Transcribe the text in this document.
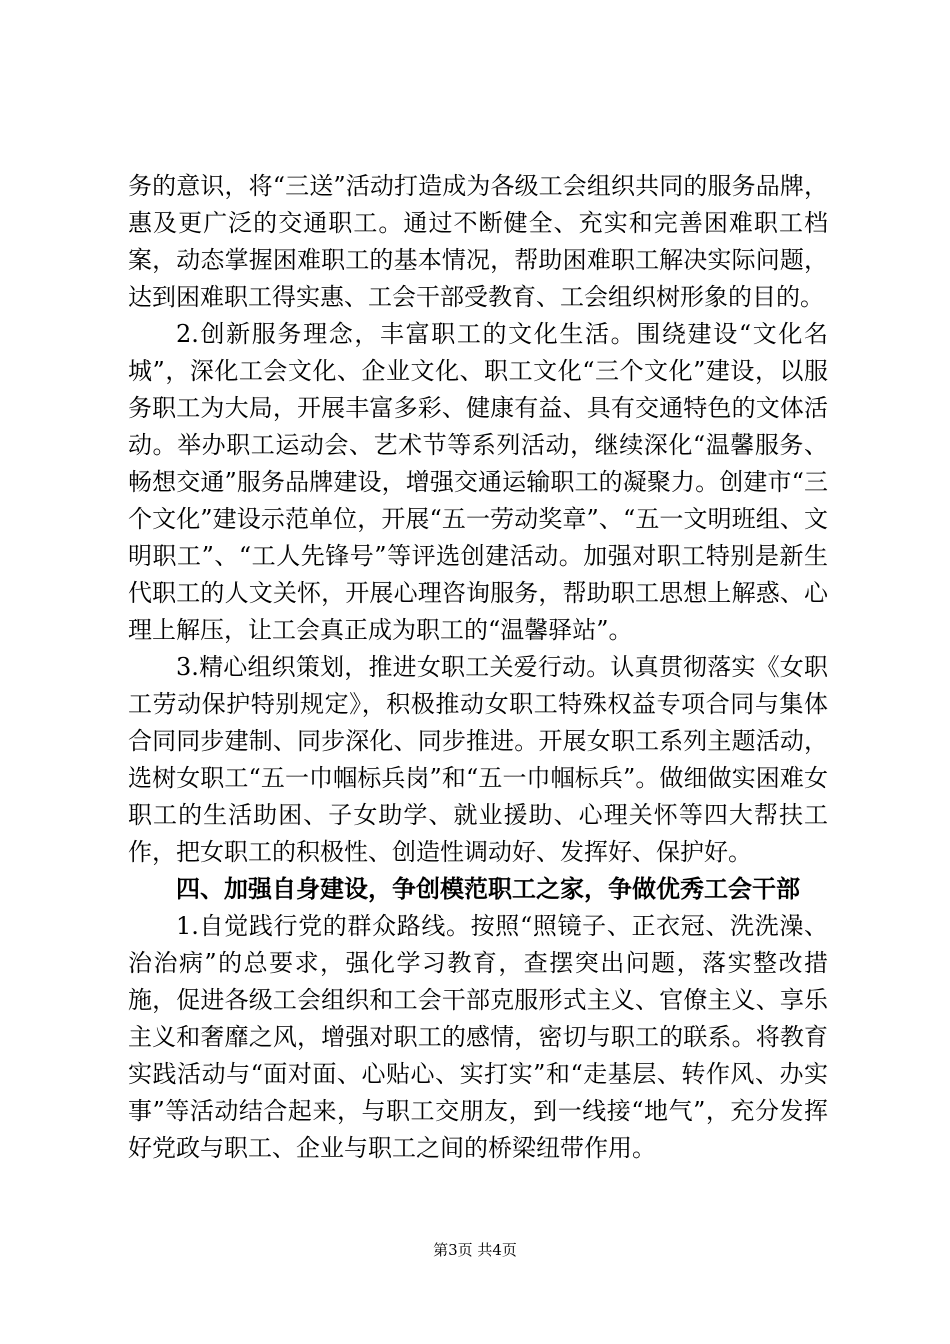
务的意识，将“三送”活动打造成为各级工会组织共同的服务品牌，惠及更广泛的交通职工。通过不断健全、充实和完善困难职工档案，动态掌握困难职工的基本情况，帮助困难职工解决实际问题，达到困难职工得实惠、工会干部受教育、工会组织树形象的目的。

2.创新服务理念，丰富职工的文化生活。围绕建设“文化名城”，深化工会文化、企业文化、职工文化“三个文化”建设，以服务职工为大局，开展丰富多彩、健康有益、具有交通特色的文体活动。举办职工运动会、艺术节等系列活动，继续深化“温馨服务、畅想交通”服务品牌建设，增强交通运输职工的凝聚力。创建市“三个文化”建设示范单位，开展“五一劳动奖章”、“五一文明班组、文明职工”、“工人先锋号”等评选创建活动。加强对职工特别是新生代职工的人文关怀，开展心理咨询服务，帮助职工思想上解惑、心理上解压，让工会真正成为职工的“温馨驿站”。

3.精心组织策划，推进女职工关爱行动。认真贯彻落实《女职工劳动保护特别规定》，积极推动女职工特殊权益专项合同与集体合同同步建制、同步深化、同步推进。开展女职工系列主题活动，选树女职工“五一巾帼标兵岗”和“五一巾帼标兵”。做细做实困难女职工的生活助困、子女助学、就业援助、心理关怀等四大帮扶工作，把女职工的积极性、创造性调动好、发挥好、保护好。

四、加强自身建设，争创模范职工之家，争做优秀工会干部

1.自觉践行党的群众路线。按照“照镜子、正衣冠、洗洗澡、治治病”的总要求，强化学习教育，查摆突出问题，落实整改措施，促进各级工会组织和工会干部克服形式主义、官僚主义、享乐主义和奢靡之风，增强对职工的感情，密切与职工的联系。将教育实践活动与“面对面、心贴心、实打实”和“走基层、转作风、办实事”等活动结合起来，与职工交朋友，到一线接“地气”，充分发挥好党政与职工、企业与职工之间的桥梁纽带作用。

第3页 共4页
